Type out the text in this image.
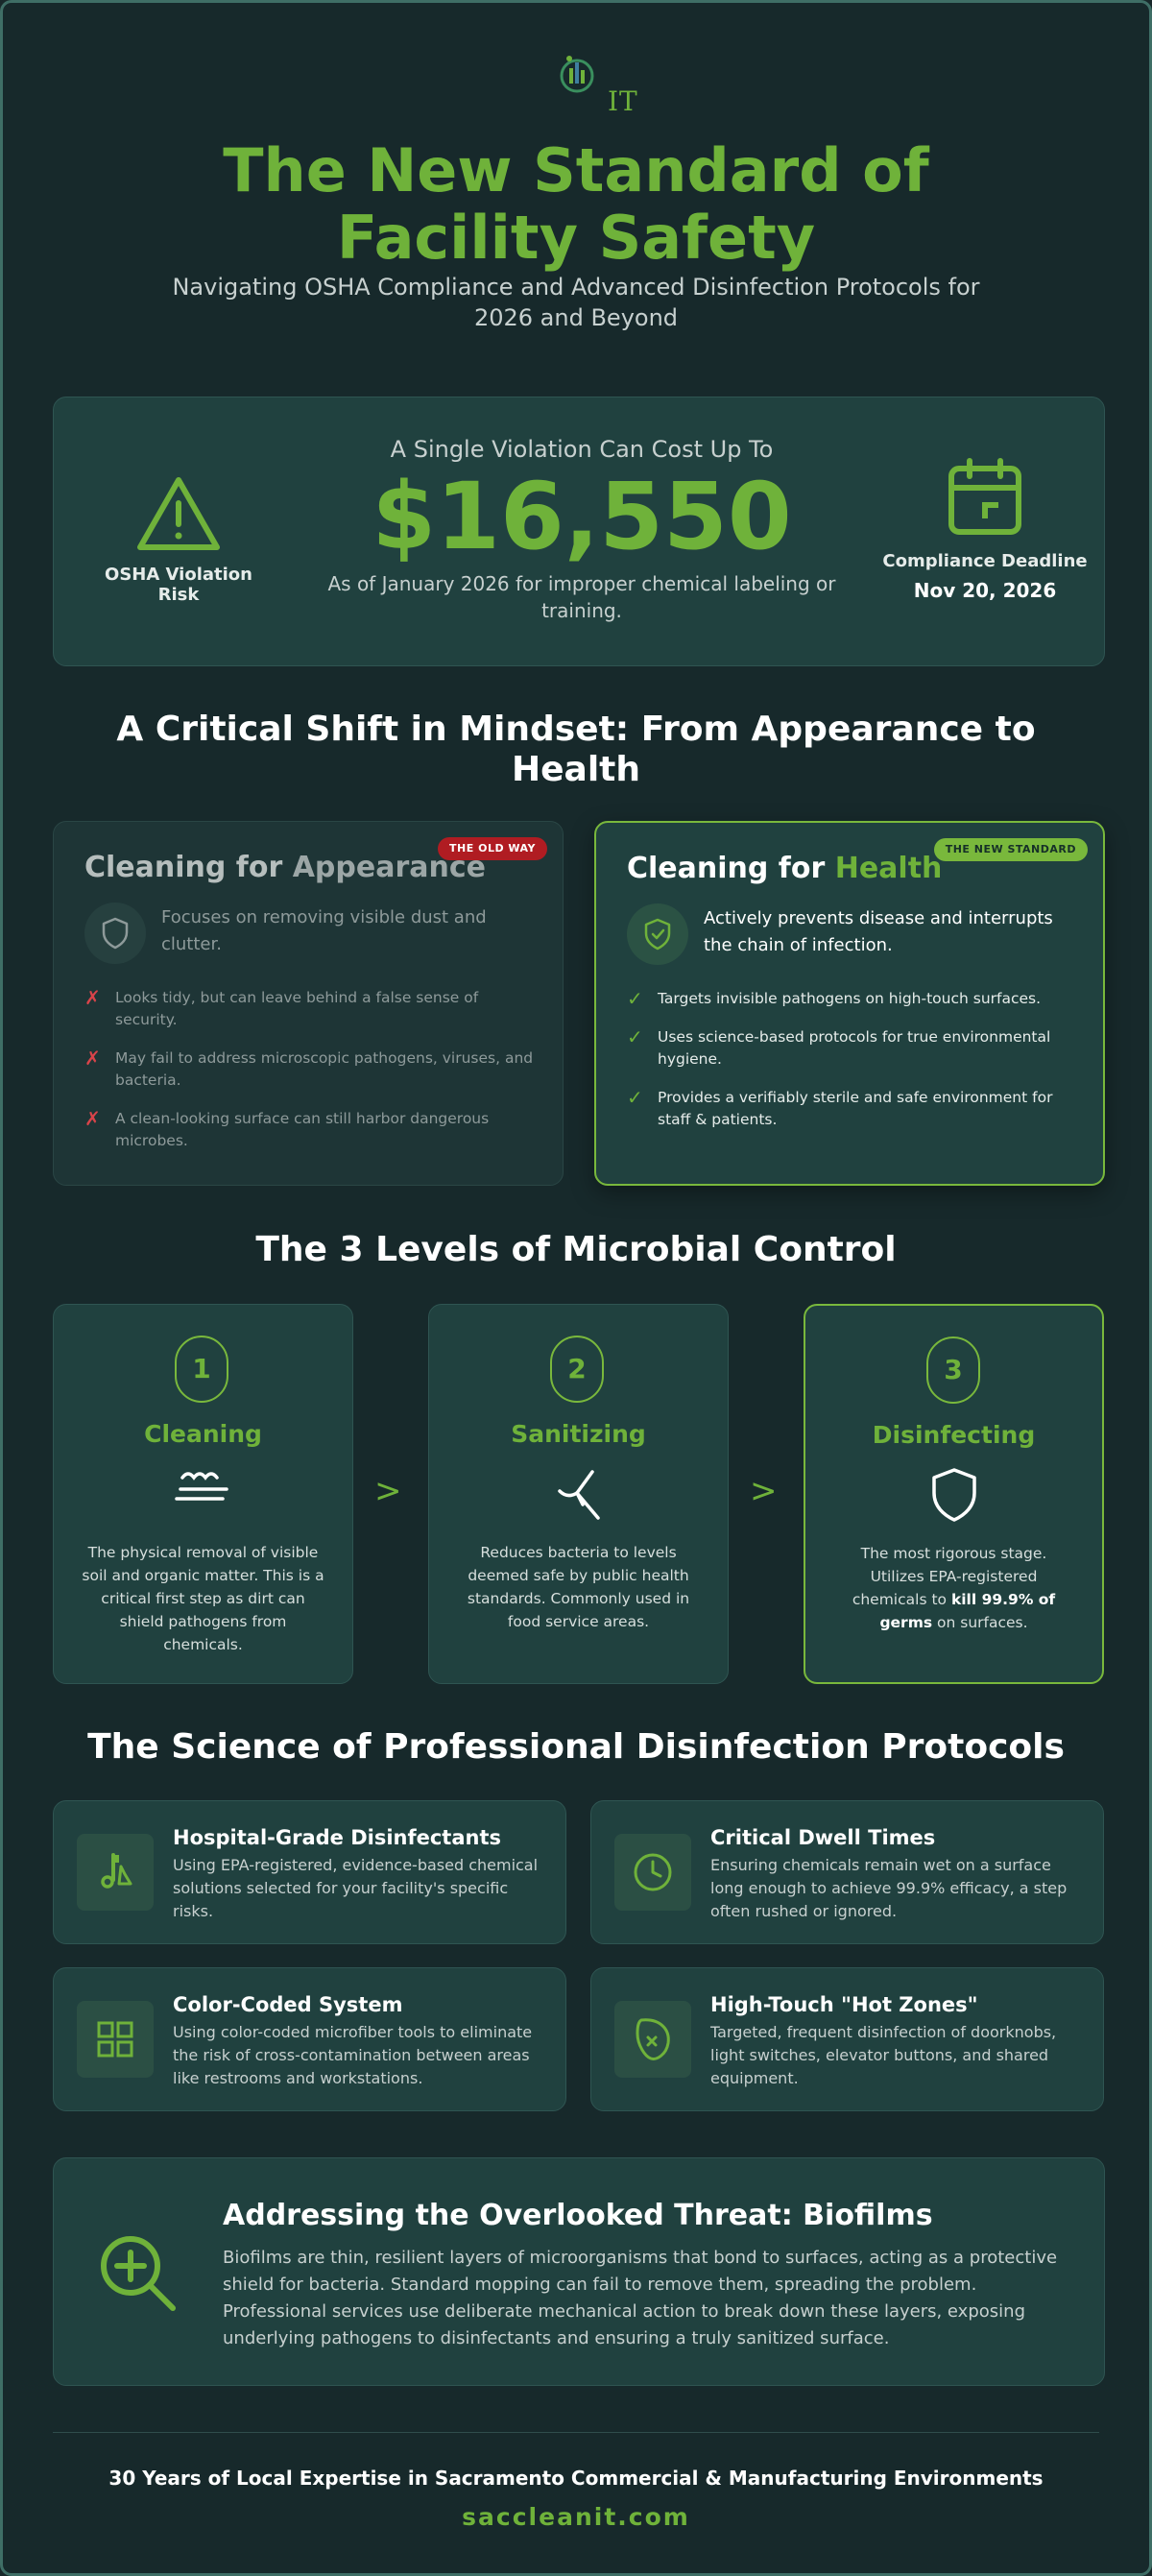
IT
The New Standard of Facility Safety

Navigating OSHA Compliance and Advanced Disinfection Protocols for 2026 and Beyond

OSHA Violation Risk
A Single Violation Can Cost Up To
$16,550
As of January 2026 for improper chemical labeling or training.
Compliance Deadline
Nov 20, 2026
A Critical Shift in Mindset: From Appearance to Health
THE OLD WAY
Cleaning for Appearance
Focuses on removing visible dust and clutter.
✗ Looks tidy, but can leave behind a false sense of security.
✗ May fail to address microscopic pathogens, viruses, and bacteria.
✗ A clean-looking surface can still harbor dangerous microbes.
THE NEW STANDARD
Cleaning for Health
Actively prevents disease and interrupts the chain of infection.
✓ Targets invisible pathogens on high-touch surfaces.
✓ Uses science-based protocols for true environmental hygiene.
✓ Provides a verifiably sterile and safe environment for staff & patients.
The 3 Levels of Microbial Control
1
Cleaning
The physical removal of visible soil and organic matter. This is a critical first step as dirt can shield pathogens from chemicals.
>
2
Sanitizing
Reduces bacteria to levels deemed safe by public health standards. Commonly used in food service areas.
>
3
Disinfecting
The most rigorous stage. Utilizes EPA-registered chemicals to kill 99.9% of germs on surfaces.
The Science of Professional Disinfection Protocols
Hospital-Grade Disinfectants
Using EPA-registered, evidence-based chemical solutions selected for your facility's specific risks.
Critical Dwell Times
Ensuring chemicals remain wet on a surface long enough to achieve 99.9% efficacy, a step often rushed or ignored.
Color-Coded System
Using color-coded microfiber tools to eliminate the risk of cross-contamination between areas like restrooms and workstations.
High-Touch "Hot Zones"
Targeted, frequent disinfection of doorknobs, light switches, elevator buttons, and shared equipment.
Addressing the Overlooked Threat: Biofilms
Biofilms are thin, resilient layers of microorganisms that bond to surfaces, acting as a protective shield for bacteria. Standard mopping can fail to remove them, spreading the problem. Professional services use deliberate mechanical action to break down these layers, exposing underlying pathogens to disinfectants and ensuring a truly sanitized surface.
30 Years of Local Expertise in Sacramento Commercial & Manufacturing Environments
saccleanit.com
